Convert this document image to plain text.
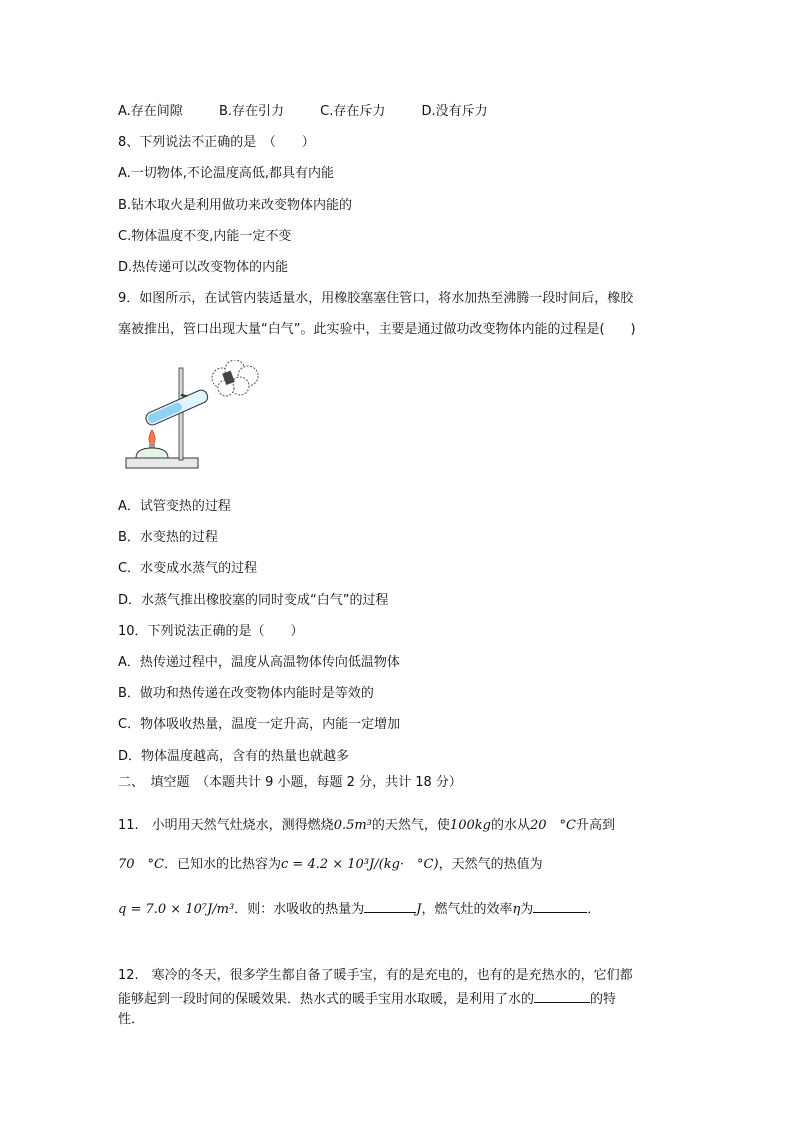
A.存在间隙	B.存在引力	C.存在斥力	D.没有斥力
8、下列说法不正确的是　（　　）
A.一切物体,不论温度高低,都具有内能
B.钻木取火是利用做功来改变物体内能的
C.物体温度不变,内能一定不变
D.热传递可以改变物体的内能
9．如图所示，在试管内装适量水，用橡胶塞塞住管口，将水加热至沸腾一段时间后，橡胶
塞被推出，管口出现大量“白气”。此实验中，主要是通过做功改变物体内能的过程是(　　)
A．试管变热的过程
B．水变热的过程
C．水变成水蒸气的过程
D．水蒸气推出橡胶塞的同时变成“白气”的过程
10．下列说法正确的是（　　）
A．热传递过程中，温度从高温物体传向低温物体
B．做功和热传递在改变物体内能时是等效的
C．物体吸收热量，温度一定升高，内能一定增加
D．物体温度越高，含有的热量也就越多
二、　填空题　（本题共计 9 小题，每题 2 分，共计 18 分）
11.　小明用天然气灶烧水，测得燃烧0.5m³的天然气，使100kg的水从20　°C升高到
70　°C．已知水的比热容为c = 4.2 × 10³J/(kg·　°C)，天然气的热值为
q = 7.0 × 10⁷J/m³．则：水吸收的热量为	J，燃气灶的效率η为	．
12.　寒冷的冬天，很多学生都自备了暖手宝，有的是充电的，也有的是充热水的，它们都
能够起到一段时间的保暖效果．热水式的暖手宝用水取暖，是利用了水的	的特
性．
